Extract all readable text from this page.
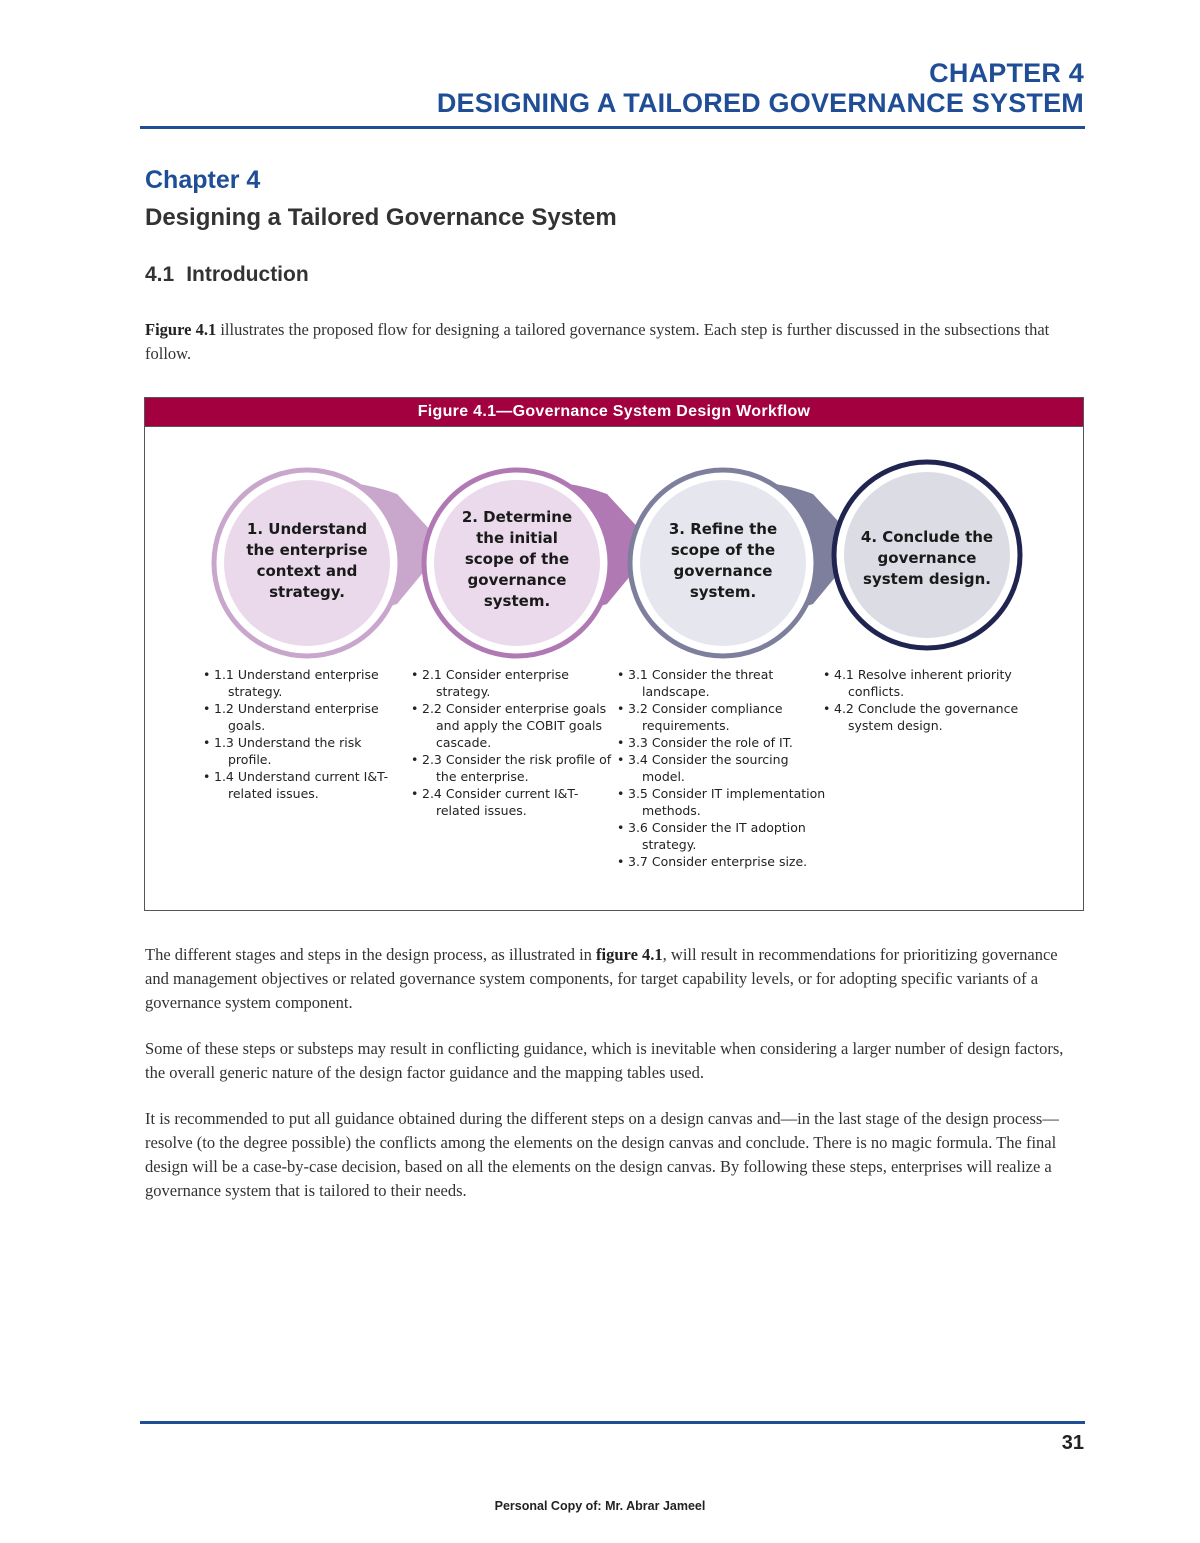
CHAPTER 4
DESIGNING A TAILORED GOVERNANCE SYSTEM
Chapter 4
Designing a Tailored Governance System
4.1 Introduction
Figure 4.1 illustrates the proposed flow for designing a tailored governance system. Each step is further discussed in the subsections that follow.
Figure 4.1—Governance System Design Workflow
1. Understand the enterprise context and strategy.
2. Determine the initial scope of the governance system.
3. Refine the scope of the governance system.
4. Conclude the governance system design.
• 1.1 Understand enterprise strategy.
• 1.2 Understand enterprise goals.
• 1.3 Understand the risk profile.
• 1.4 Understand current I&T-related issues.
• 2.1 Consider enterprise strategy.
• 2.2 Consider enterprise goals and apply the COBIT goals cascade.
• 2.3 Consider the risk profile of the enterprise.
• 2.4 Consider current I&T-related issues.
• 3.1 Consider the threat landscape.
• 3.2 Consider compliance requirements.
• 3.3 Consider the role of IT.
• 3.4 Consider the sourcing model.
• 3.5 Consider IT implementation methods.
• 3.6 Consider the IT adoption strategy.
• 3.7 Consider enterprise size.
• 4.1 Resolve inherent priority conflicts.
• 4.2 Conclude the governance system design.
The different stages and steps in the design process, as illustrated in figure 4.1, will result in recommendations for prioritizing governance and management objectives or related governance system components, for target capability levels, or for adopting specific variants of a governance system component.
Some of these steps or substeps may result in conflicting guidance, which is inevitable when considering a larger number of design factors, the overall generic nature of the design factor guidance and the mapping tables used.
It is recommended to put all guidance obtained during the different steps on a design canvas and—in the last stage of the design process—resolve (to the degree possible) the conflicts among the elements on the design canvas and conclude. There is no magic formula. The final design will be a case-by-case decision, based on all the elements on the design canvas. By following these steps, enterprises will realize a governance system that is tailored to their needs.
31
Personal Copy of: Mr. Abrar Jameel
